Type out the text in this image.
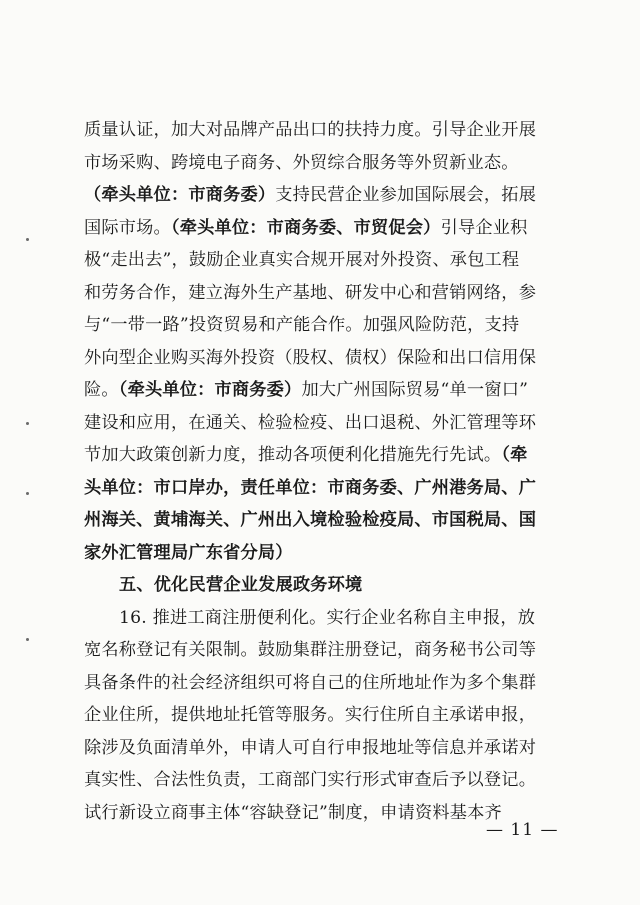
质量认证，加大对品牌产品出口的扶持力度。引导企业开展
市场采购、跨境电子商务、外贸综合服务等外贸新业态。
（牵头单位：市商务委）支持民营企业参加国际展会，拓展
国际市场。（牵头单位：市商务委、市贸促会）引导企业积
极“走出去”，鼓励企业真实合规开展对外投资、承包工程
和劳务合作，建立海外生产基地、研发中心和营销网络，参
与“一带一路”投资贸易和产能合作。加强风险防范，支持
外向型企业购买海外投资（股权、债权）保险和出口信用保
险。（牵头单位：市商务委）加大广州国际贸易“单一窗口”
建设和应用，在通关、检验检疫、出口退税、外汇管理等环
节加大政策创新力度，推动各项便利化措施先行先试。（牵
头单位：市口岸办，责任单位：市商务委、广州港务局、广
州海关、黄埔海关、广州出入境检验检疫局、市国税局、国
家外汇管理局广东省分局）
五、优化民营企业发展政务环境
16. 推进工商注册便利化。实行企业名称自主申报，放
宽名称登记有关限制。鼓励集群注册登记，商务秘书公司等
具备条件的社会经济组织可将自己的住所地址作为多个集群
企业住所，提供地址托管等服务。实行住所自主承诺申报，
除涉及负面清单外，申请人可自行申报地址等信息并承诺对
真实性、合法性负责，工商部门实行形式审查后予以登记。
试行新设立商事主体“容缺登记”制度，申请资料基本齐
— 11 —
